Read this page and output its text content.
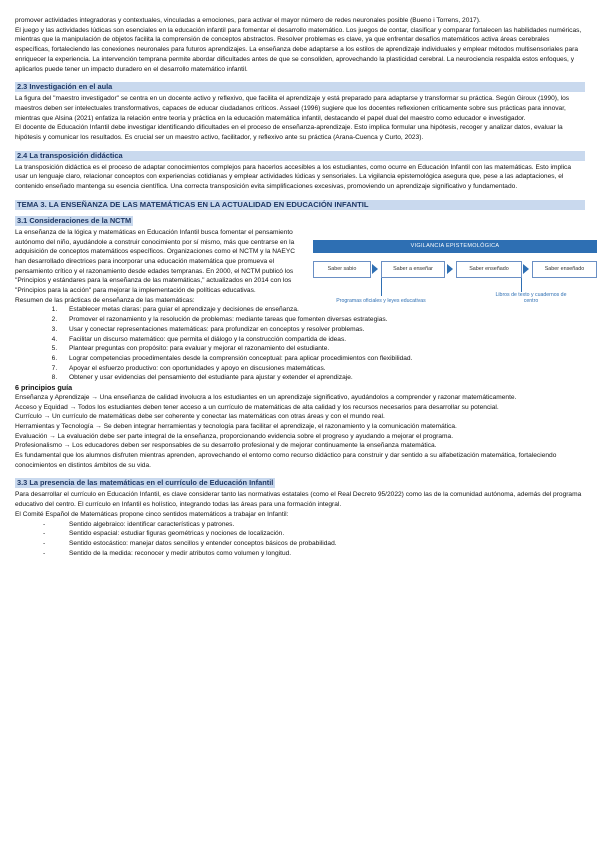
promover actividades integradoras y contextuales, vinculadas a emociones, para activar el mayor número de redes neuronales posible (Bueno i Torrens, 2017).

El juego y las actividades lúdicas son esenciales en la educación infantil para fomentar el desarrollo matemático. Los juegos de contar, clasificar y comparar fortalecen las habilidades numéricas, mientras que la manipulación de objetos facilita la comprensión de conceptos abstractos. Resolver problemas es clave, ya que enfrentar desafíos matemáticos activa áreas cerebrales específicas, fortaleciendo las conexiones neuronales para futuros aprendizajes. La enseñanza debe adaptarse a los estilos de aprendizaje individuales y emplear métodos multisensoriales para enriquecer la experiencia. La intervención temprana permite abordar dificultades antes de que se consoliden, aprovechando la plasticidad cerebral. La neurociencia respalda estos enfoques, y aplicarlos puede tener un impacto duradero en el desarrollo matemático infantil.

2.3 Investigación en el aula

La figura del "maestro investigador" se centra en un docente activo y reflexivo, que facilita el aprendizaje y está preparado para adaptarse y transformar su práctica. Según Giroux (1990), los maestros deben ser intelectuales transformativos, capaces de educar ciudadanos críticos. Assael (1996) sugiere que los docentes reflexionen críticamente sobre sus prácticas para innovar, mientras que Alsina (2021) enfatiza la relación entre teoría y práctica en la educación matemática infantil, destacando el papel dual del maestro como educador e investigador.

El docente de Educación Infantil debe investigar identificando dificultades en el proceso de enseñanza-aprendizaje. Esto implica formular una hipótesis, recoger y analizar datos, evaluar la hipótesis y comunicar los resultados. Es crucial ser un maestro activo, facilitador, y reflexivo ante su práctica (Arana-Cuenca y Curto, 2023).

2.4 La transposición didáctica

La transposición didáctica es el proceso de adaptar conocimientos complejos para hacerlos accesibles a los estudiantes, como ocurre en Educación Infantil con las matemáticas. Esto implica usar un lenguaje claro, relacionar conceptos con experiencias cotidianas y emplear actividades lúdicas y sensoriales. La vigilancia epistemológica asegura que, pese a las adaptaciones, el contenido enseñado mantenga su esencia científica. Una correcta transposición evita simplificaciones excesivas, promoviendo un aprendizaje significativo y fundamentado.

TEMA 3. LA ENSEÑANZA DE LAS MATEMÁTICAS EN LA ACTUALIDAD EN EDUCACIÓN INFANTIL
3.1 Consideraciones de la NCTM

La enseñanza de la lógica y matemáticas en Educación Infantil busca fomentar el pensamiento autónomo del niño, ayudándole a construir conocimiento por sí mismo, más que centrarse en la adquisición de conceptos matemáticos específicos. Organizaciones como el NCTM y la NAEYC han desarrollado directrices para incorporar una educación matemática que promueva el pensamiento crítico y el razonamiento desde edades tempranas. En 2000, el NCTM publicó los "Principios y estándares para la enseñanza de las matemáticas," actualizados en 2014 con los "Principios para la acción" para mejorar la implementación de políticas educativas.

VIGILANCIA EPISTEMOLÓGICA
Saber sabio	Saber a enseñar	Saber enseñado	Saber enseñado
Programas oficiales y leyes educativas
Libros de texto y cuadernos de centro

Resumen de las prácticas de enseñanza de las matemáticas:

1. Establecer metas claras: para guiar el aprendizaje y decisiones de enseñanza.
2. Promover el razonamiento y la resolución de problemas: mediante tareas que fomenten diversas estrategias.
3. Usar y conectar representaciones matemáticas: para profundizar en conceptos y resolver problemas.
4. Facilitar un discurso matemático: que permita el diálogo y la construcción compartida de ideas.
5. Plantear preguntas con propósito: para evaluar y mejorar el razonamiento del estudiante.
6. Lograr competencias procedimentales desde la comprensión conceptual: para aplicar procedimientos con flexibilidad.
7. Apoyar el esfuerzo productivo: con oportunidades y apoyo en discusiones matemáticas.
8. Obtener y usar evidencias del pensamiento del estudiante para ajustar y extender el aprendizaje.
6 principios guía

Enseñanza y Aprendizaje → Una enseñanza de calidad involucra a los estudiantes en un aprendizaje significativo, ayudándolos a comprender y razonar matemáticamente.

Acceso y Equidad → Todos los estudiantes deben tener acceso a un currículo de matemáticas de alta calidad y los recursos necesarios para desarrollar su potencial.

Currículo → Un currículo de matemáticas debe ser coherente y conectar las matemáticas con otras áreas y con el mundo real.

Herramientas y Tecnología → Se deben integrar herramientas y tecnología para facilitar el aprendizaje, el razonamiento y la comunicación matemática.

Evaluación → La evaluación debe ser parte integral de la enseñanza, proporcionando evidencia sobre el progreso y ayudando a mejorar el programa.

Profesionalismo → Los educadores deben ser responsables de su desarrollo profesional y de mejorar continuamente la enseñanza matemática.

Es fundamental que los alumnos disfruten mientras aprenden, aprovechando el entorno como recurso didáctico para construir y dar sentido a su alfabetización matemática, fortaleciendo conocimientos en distintos ámbitos de su vida.

3.3 La presencia de las matemáticas en el currículo de Educación Infantil

Para desarrollar el currículo en Educación Infantil, es clave considerar tanto las normativas estatales (como el Real Decreto 95/2022) como las de la comunidad autónoma, además del programa educativo del centro. El currículo en Infantil es holístico, integrando todas las áreas para una formación integral.

El Comité Español de Matemáticas propone cinco sentidos matemáticos a trabajar en Infantil:

- Sentido algebraico: identificar características y patrones.
- Sentido espacial: estudiar figuras geométricas y nociones de localización.
- Sentido estocástico: manejar datos sencillos y entender conceptos básicos de probabilidad.
- Sentido de la medida: reconocer y medir atributos como volumen y longitud.
